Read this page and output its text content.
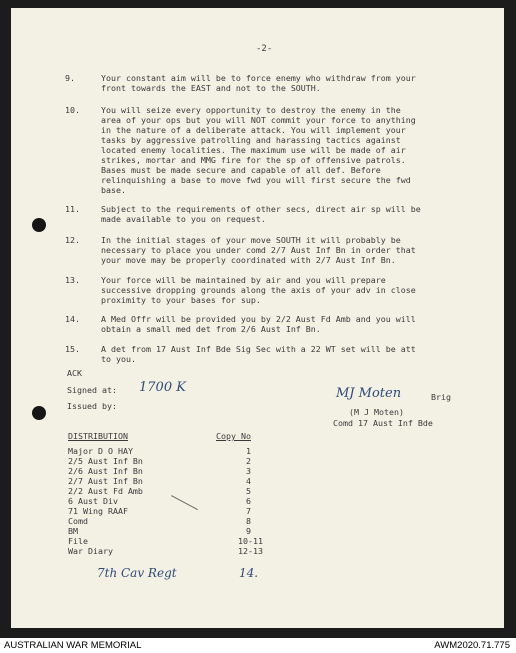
-2-
9.	Your constant aim will be to force enemy who withdraw from your
front towards the EAST and not to the SOUTH.
10.	You will seize every opportunity to destroy the enemy in the
area of your ops but you will NOT commit your force to anything
in the nature of a deliberate attack. You will implement your
tasks by aggressive patrolling and harassing tactics against
located enemy localities. The maximum use will be made of air
strikes, mortar and MMG fire for the sp of offensive patrols.
Bases must be made secure and capable of all def. Before
relinquishing a base to move fwd you will first secure the fwd
base.
11.	Subject to the requirements of other secs, direct air sp will be
made available to you on request.
12.	In the initial stages of your move SOUTH it will probably be
necessary to place you under comd 2/7 Aust Inf Bn in order that
your move may be properly coordinated with 2/7 Aust Inf Bn.
13.	Your force will be maintained by air and you will prepare
successive dropping grounds along the axis of your adv in close
proximity to your bases for sup.
14.	A Med Offr will be provided you by 2/2 Aust Fd Amb and you will
obtain a small med det from 2/6 Aust Inf Bn.
15.	A det from 17 Aust Inf Bde Sig Sec with a 22 WT set will be att
to you.
ACK
Signed at: 1700 K
Issued by:
MJ Moten	Brig
(M J Moten)
Comd 17 Aust Inf Bde
DISTRIBUTION	Copy No
Major D O HAY	1
2/5 Aust Inf Bn	2
2/6 Aust Inf Bn	3
2/7 Aust Inf Bn	4
2/2 Aust Fd Amb	5
6 Aust Div	6
71 Wing RAAF	7
Comd	8
BM	9
File	10-11
War Diary	12-13
7th Cav Regt	14.
AUSTRALIAN WAR MEMORIAL	AWM2020.71.775
